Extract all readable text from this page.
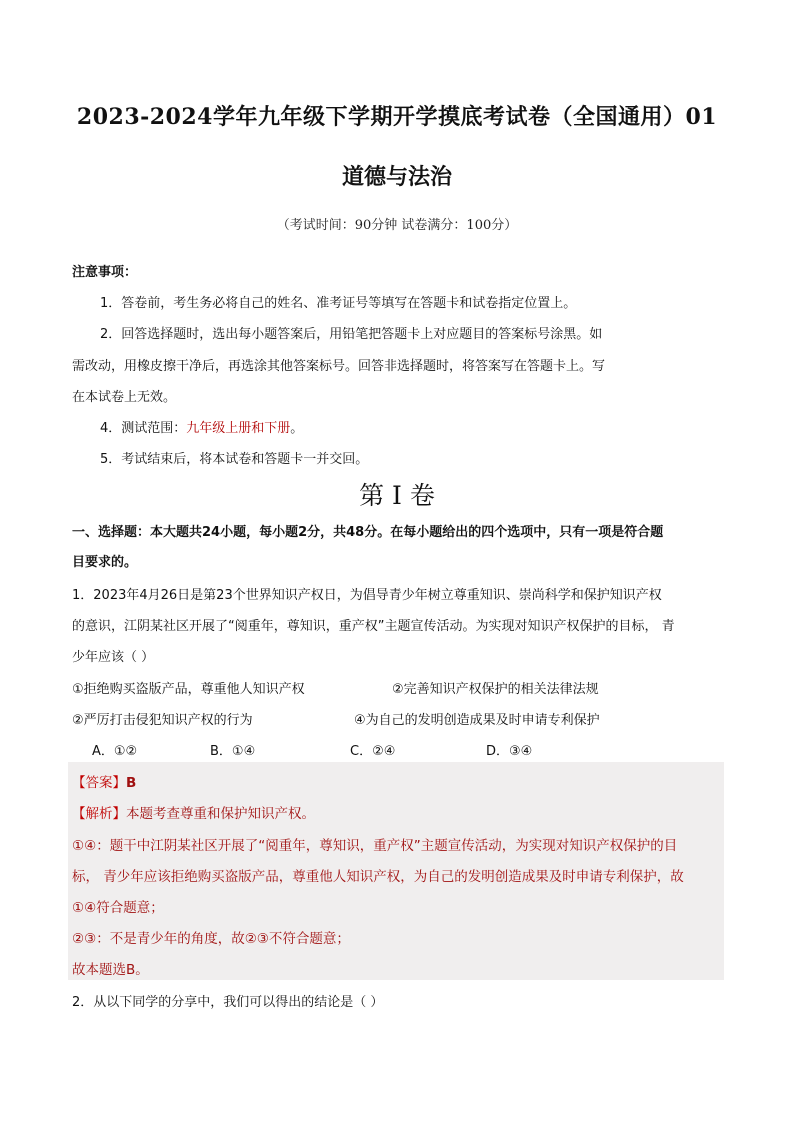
2023-2024学年九年级下学期开学摸底考试卷（全国通用）01
道德与法治
（考试时间：90分钟 试卷满分：100分）
注意事项：
1．答卷前，考生务必将自己的姓名、准考证号等填写在答题卡和试卷指定位置上。
2．回答选择题时，选出每小题答案后，用铅笔把答题卡上对应题目的答案标号涂黑。如
需改动，用橡皮擦干净后，再选涂其他答案标号。回答非选择题时，将答案写在答题卡上。写
在本试卷上无效。
4．测试范围：九年级上册和下册。
5．考试结束后，将本试卷和答题卡一并交回。
第 I 卷
一、选择题：本大题共24小题，每小题2分，共48分。在每小题给出的四个选项中，只有一项是符合题
目要求的。
1．2023年4月26日是第23个世界知识产权日，为倡导青少年树立尊重知识、崇尚科学和保护知识产权
的意识，江阴某社区开展了“阅重年，尊知识，重产权”主题宣传活动。为实现对知识产权保护的目标， 青
少年应该（ ）
①拒绝购买盗版产品，尊重他人知识产权	②完善知识产权保护的相关法律法规
②严厉打击侵犯知识产权的行为	④为自己的发明创造成果及时申请专利保护
A．①②	B．①④	C．②④	D．③④
【答案】B
【解析】本题考查尊重和保护知识产权。
①④：题干中江阴某社区开展了“阅重年，尊知识，重产权”主题宣传活动，为实现对知识产权保护的目
标， 青少年应该拒绝购买盗版产品，尊重他人知识产权，为自己的发明创造成果及时申请专利保护，故
①④符合题意；
②③：不是青少年的角度，故②③不符合题意；
故本题选B。
2．从以下同学的分享中，我们可以得出的结论是（ ）
